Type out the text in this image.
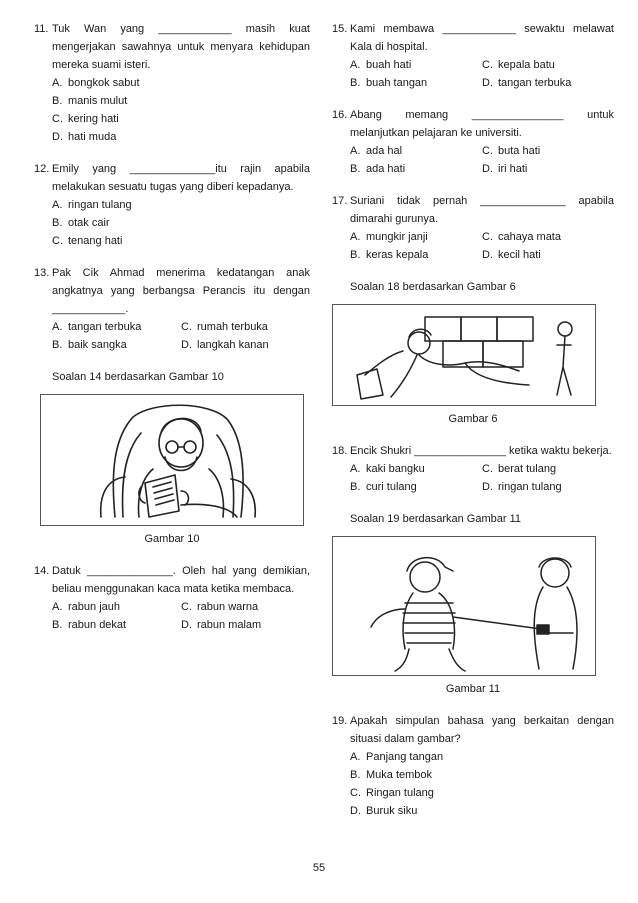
11. Tuk Wan yang ____________ masih kuat mengerjakan sawahnya untuk menyara kehidupan mereka suami isteri.
A. bongkok sabut
B. manis mulut
C. kering hati
D. hati muda
12. Emily yang ______________itu rajin apabila melakukan sesuatu tugas yang diberi kepadanya.
A. ringan tulang
B. otak cair
C. tenang hati
13. Pak Cik Ahmad menerima kedatangan anak angkatnya yang berbangsa Perancis itu dengan ____________.
A. tangan terbuka	C. rumah terbuka
B. baik sangka	D. langkah kanan
Soalan 14 berdasarkan Gambar 10
Gambar 10
14. Datuk ______________. Oleh hal yang demikian, beliau menggunakan kaca mata ketika membaca.
A. rabun jauh	C. rabun warna
B. rabun dekat	D. rabun malam
15. Kami membawa ____________ sewaktu melawat Kala di hospital.
A. buah hati	C. kepala batu
B. buah tangan	D. tangan terbuka
16. Abang memang _______________ untuk melanjutkan pelajaran ke universiti.
A. ada hal	C. buta hati
B. ada hati	D. iri hati
17. Suriani tidak pernah ______________ apabila dimarahi gurunya.
A. mungkir janji	C. cahaya mata
B. keras kepala	D. kecil hati
Soalan 18 berdasarkan Gambar 6
Gambar 6
18. Encik Shukri _______________ ketika waktu bekerja.
A. kaki bangku	C. berat tulang
B. curi tulang	D. ringan tulang
Soalan 19 berdasarkan Gambar 11
Gambar 11
19. Apakah simpulan bahasa yang berkaitan dengan situasi dalam gambar?
A. Panjang tangan
B. Muka tembok
C. Ringan tulang
D. Buruk siku
55
